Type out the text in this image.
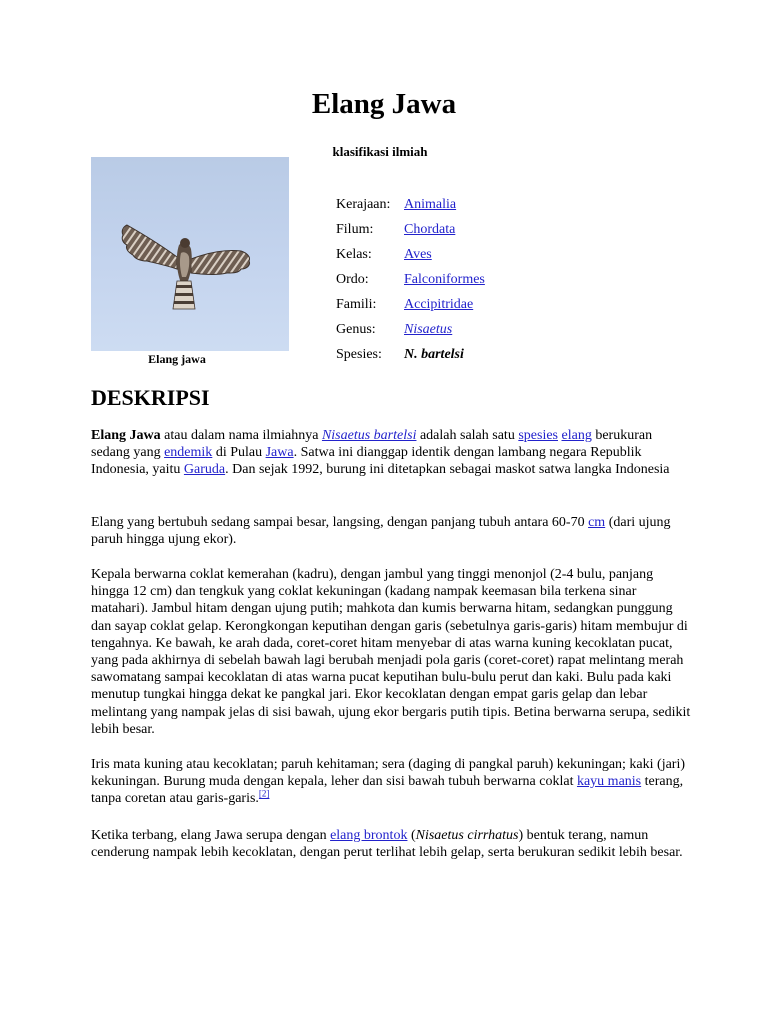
Elang Jawa
Elang jawa
klasifikasi ilmiah
Kerajaan: Animalia
Filum: Chordata
Kelas: Aves
Ordo:	Falconiformes
Famili: Accipitridae
Genus: Nisaetus
Spesies: N. bartelsi
DESKRIPSI

Elang Jawa atau dalam nama ilmiahnya Nisaetus bartelsi adalah salah satu spesies elang berukuran sedang yang endemik di Pulau Jawa. Satwa ini dianggap identik dengan lambang negara Republik Indonesia, yaitu Garuda. Dan sejak 1992, burung ini ditetapkan sebagai maskot satwa langka Indonesia

Elang yang bertubuh sedang sampai besar, langsing, dengan panjang tubuh antara 60-70 cm (dari ujung paruh hingga ujung ekor).

Kepala berwarna coklat kemerahan (kadru), dengan jambul yang tinggi menonjol (2-4 bulu, panjang hingga 12 cm) dan tengkuk yang coklat kekuningan (kadang nampak keemasan bila terkena sinar matahari). Jambul hitam dengan ujung putih; mahkota dan kumis berwarna hitam, sedangkan punggung dan sayap coklat gelap. Kerongkongan keputihan dengan garis (sebetulnya garis-garis) hitam membujur di tengahnya. Ke bawah, ke arah dada, coret-coret hitam menyebar di atas warna kuning kecoklatan pucat, yang pada akhirnya di sebelah bawah lagi berubah menjadi pola garis (coret-coret) rapat melintang merah sawomatang sampai kecoklatan di atas warna pucat keputihan bulu-bulu perut dan kaki. Bulu pada kaki menutup tungkai hingga dekat ke pangkal jari. Ekor kecoklatan dengan empat garis gelap dan lebar melintang yang nampak jelas di sisi bawah, ujung ekor bergaris putih tipis. Betina berwarna serupa, sedikit lebih besar.

Iris mata kuning atau kecoklatan; paruh kehitaman; sera (daging di pangkal paruh) kekuningan; kaki (jari) kekuningan. Burung muda dengan kepala, leher dan sisi bawah tubuh berwarna coklat kayu manis terang, tanpa coretan atau garis-garis.[2]

Ketika terbang, elang Jawa serupa dengan elang brontok (Nisaetus cirrhatus) bentuk terang, namun cenderung nampak lebih kecoklatan, dengan perut terlihat lebih gelap, serta berukuran sedikit lebih besar.
